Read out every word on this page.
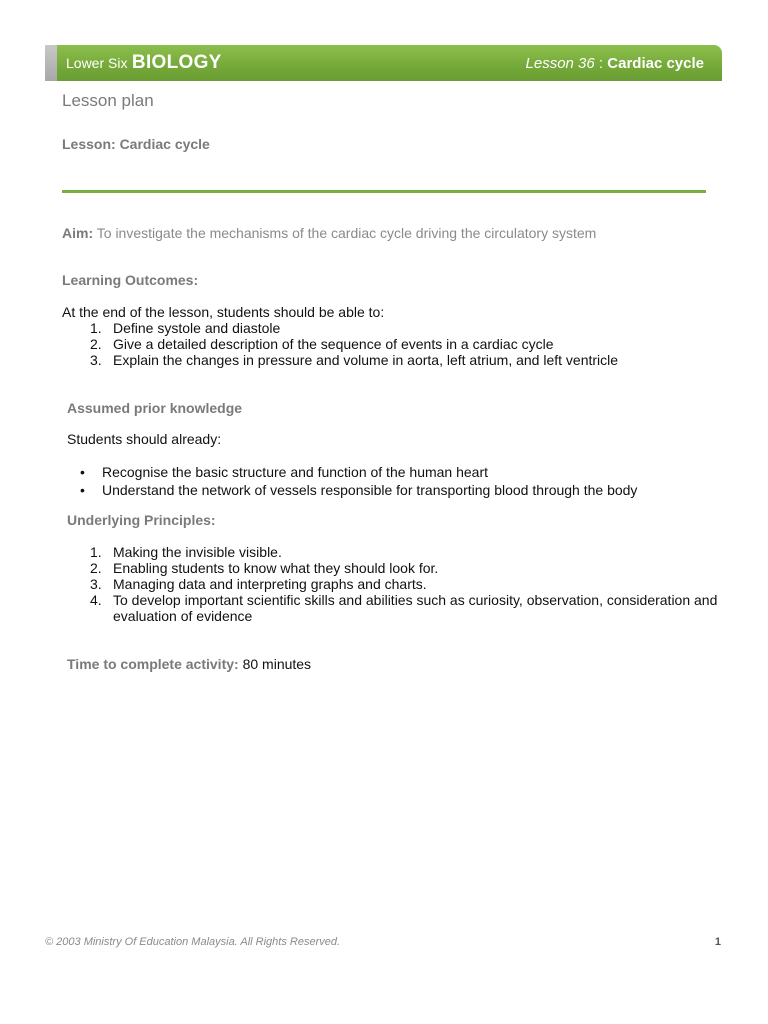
Lower Six BIOLOGY	Lesson 36 : Cardiac cycle
Lesson plan
Lesson: Cardiac cycle
Aim: To investigate the mechanisms of the cardiac cycle driving the circulatory system
Learning Outcomes:
At the end of the lesson, students should be able to:
1. Define systole and diastole
2. Give a detailed description of the sequence of events in a cardiac cycle
3. Explain the changes in pressure and volume in aorta, left atrium, and left ventricle
Assumed prior knowledge
Students should already:
• Recognise the basic structure and function of the human heart
• Understand the network of vessels responsible for transporting blood through the body
Underlying Principles:
1. Making the invisible visible.
2. Enabling students to know what they should look for.
3. Managing data and interpreting graphs and charts.
4. To develop important scientific skills and abilities such as curiosity, observation, consideration and evaluation of evidence
Time to complete activity: 80 minutes
© 2003 Ministry Of Education Malaysia. All Rights Reserved.	1
